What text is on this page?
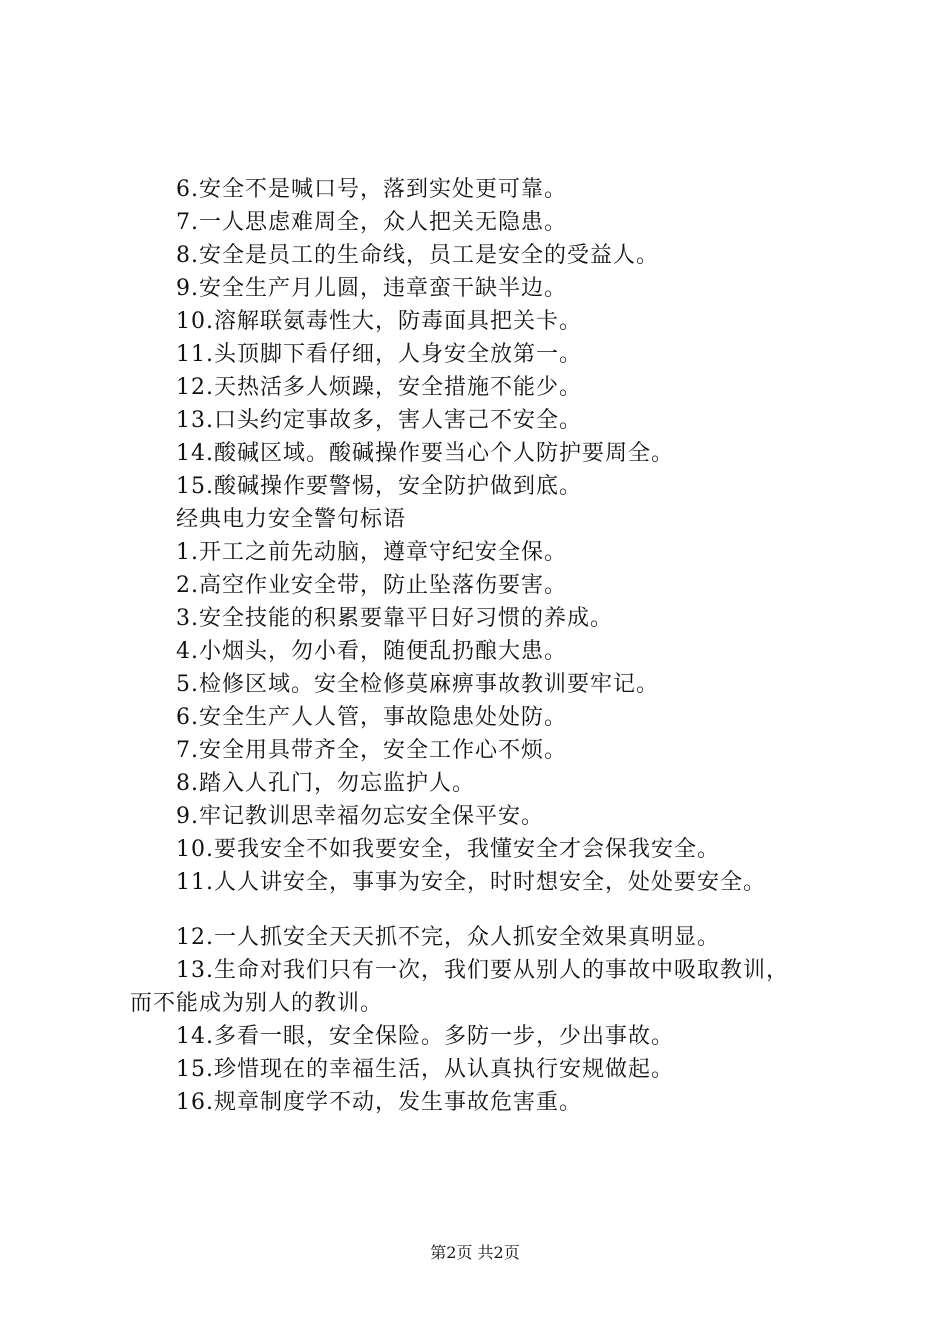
6.安全不是喊口号，落到实处更可靠。
7.一人思虑难周全，众人把关无隐患。
8.安全是员工的生命线，员工是安全的受益人。
9.安全生产月儿圆，违章蛮干缺半边。
10.溶解联氨毒性大，防毒面具把关卡。
11.头顶脚下看仔细，人身安全放第一。
12.天热活多人烦躁，安全措施不能少。
13.口头约定事故多，害人害己不安全。
14.酸碱区域。酸碱操作要当心个人防护要周全。
15.酸碱操作要警惕，安全防护做到底。
经典电力安全警句标语
1.开工之前先动脑，遵章守纪安全保。
2.高空作业安全带，防止坠落伤要害。
3.安全技能的积累要靠平日好习惯的养成。
4.小烟头，勿小看，随便乱扔酿大患。
5.检修区域。安全检修莫麻痹事故教训要牢记。
6.安全生产人人管，事故隐患处处防。
7.安全用具带齐全，安全工作心不烦。
8.踏入人孔门，勿忘监护人。
9.牢记教训思幸福勿忘安全保平安。
10.要我安全不如我要安全，我懂安全才会保我安全。
11.人人讲安全，事事为安全，时时想安全，处处要安全。
12.一人抓安全天天抓不完，众人抓安全效果真明显。
13.生命对我们只有一次，我们要从别人的事故中吸取教训，
而不能成为别人的教训。
14.多看一眼，安全保险。多防一步，少出事故。
15.珍惜现在的幸福生活，从认真执行安规做起。
16.规章制度学不动，发生事故危害重。
第2页 共2页
